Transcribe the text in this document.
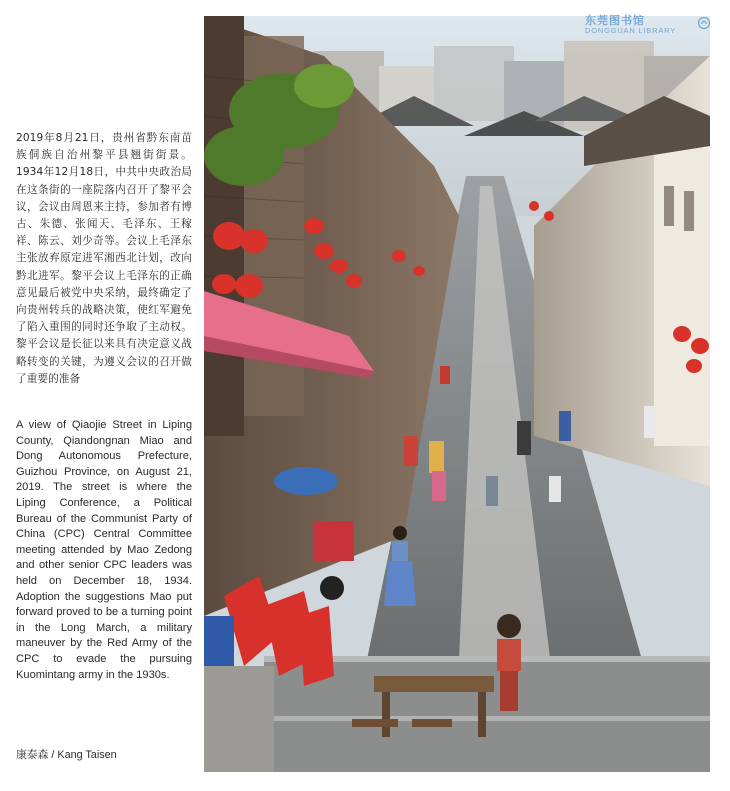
2019年8月21日，贵州省黔东南苗族侗族自治州黎平县翘街街景。1934年12月18日，中共中央政治局在这条街的一座院落内召开了黎平会议，会议由周恩来主持，参加者有博古、朱德、张闻天、毛泽东、王稼祥、陈云、刘少奇等。会议上毛泽东主张放弃原定进军湘西北计划，改向黔北进军。黎平会议上毛泽东的正确意见最后被党中央采纳，最终确定了向贵州转兵的战略决策，使红军避免了陷入重围的同时还争取了主动权。黎平会议是长征以来具有决定意义战略转变的关键，为遵义会议的召开做了重要的准备

A view of Qiaojie Street in Liping County, Qiandongnan Miao and Dong Autonomous Prefecture, Guizhou Province, on August 21, 2019. The street is where the Liping Conference, a Political Bureau of the Communist Party of China (CPC) Central Committee meeting attended by Mao Zedong and other senior CPC leaders was held on December 18, 1934. Adoption the suggestions Mao put forward proved to be a turning point in the Long March, a military maneuver by the Red Army of the CPC to evade the pursuing Kuomintang army in the 1930s.

康泰森 / Kang Taisen
东莞图书馆
DONGGUAN LIBRARY
